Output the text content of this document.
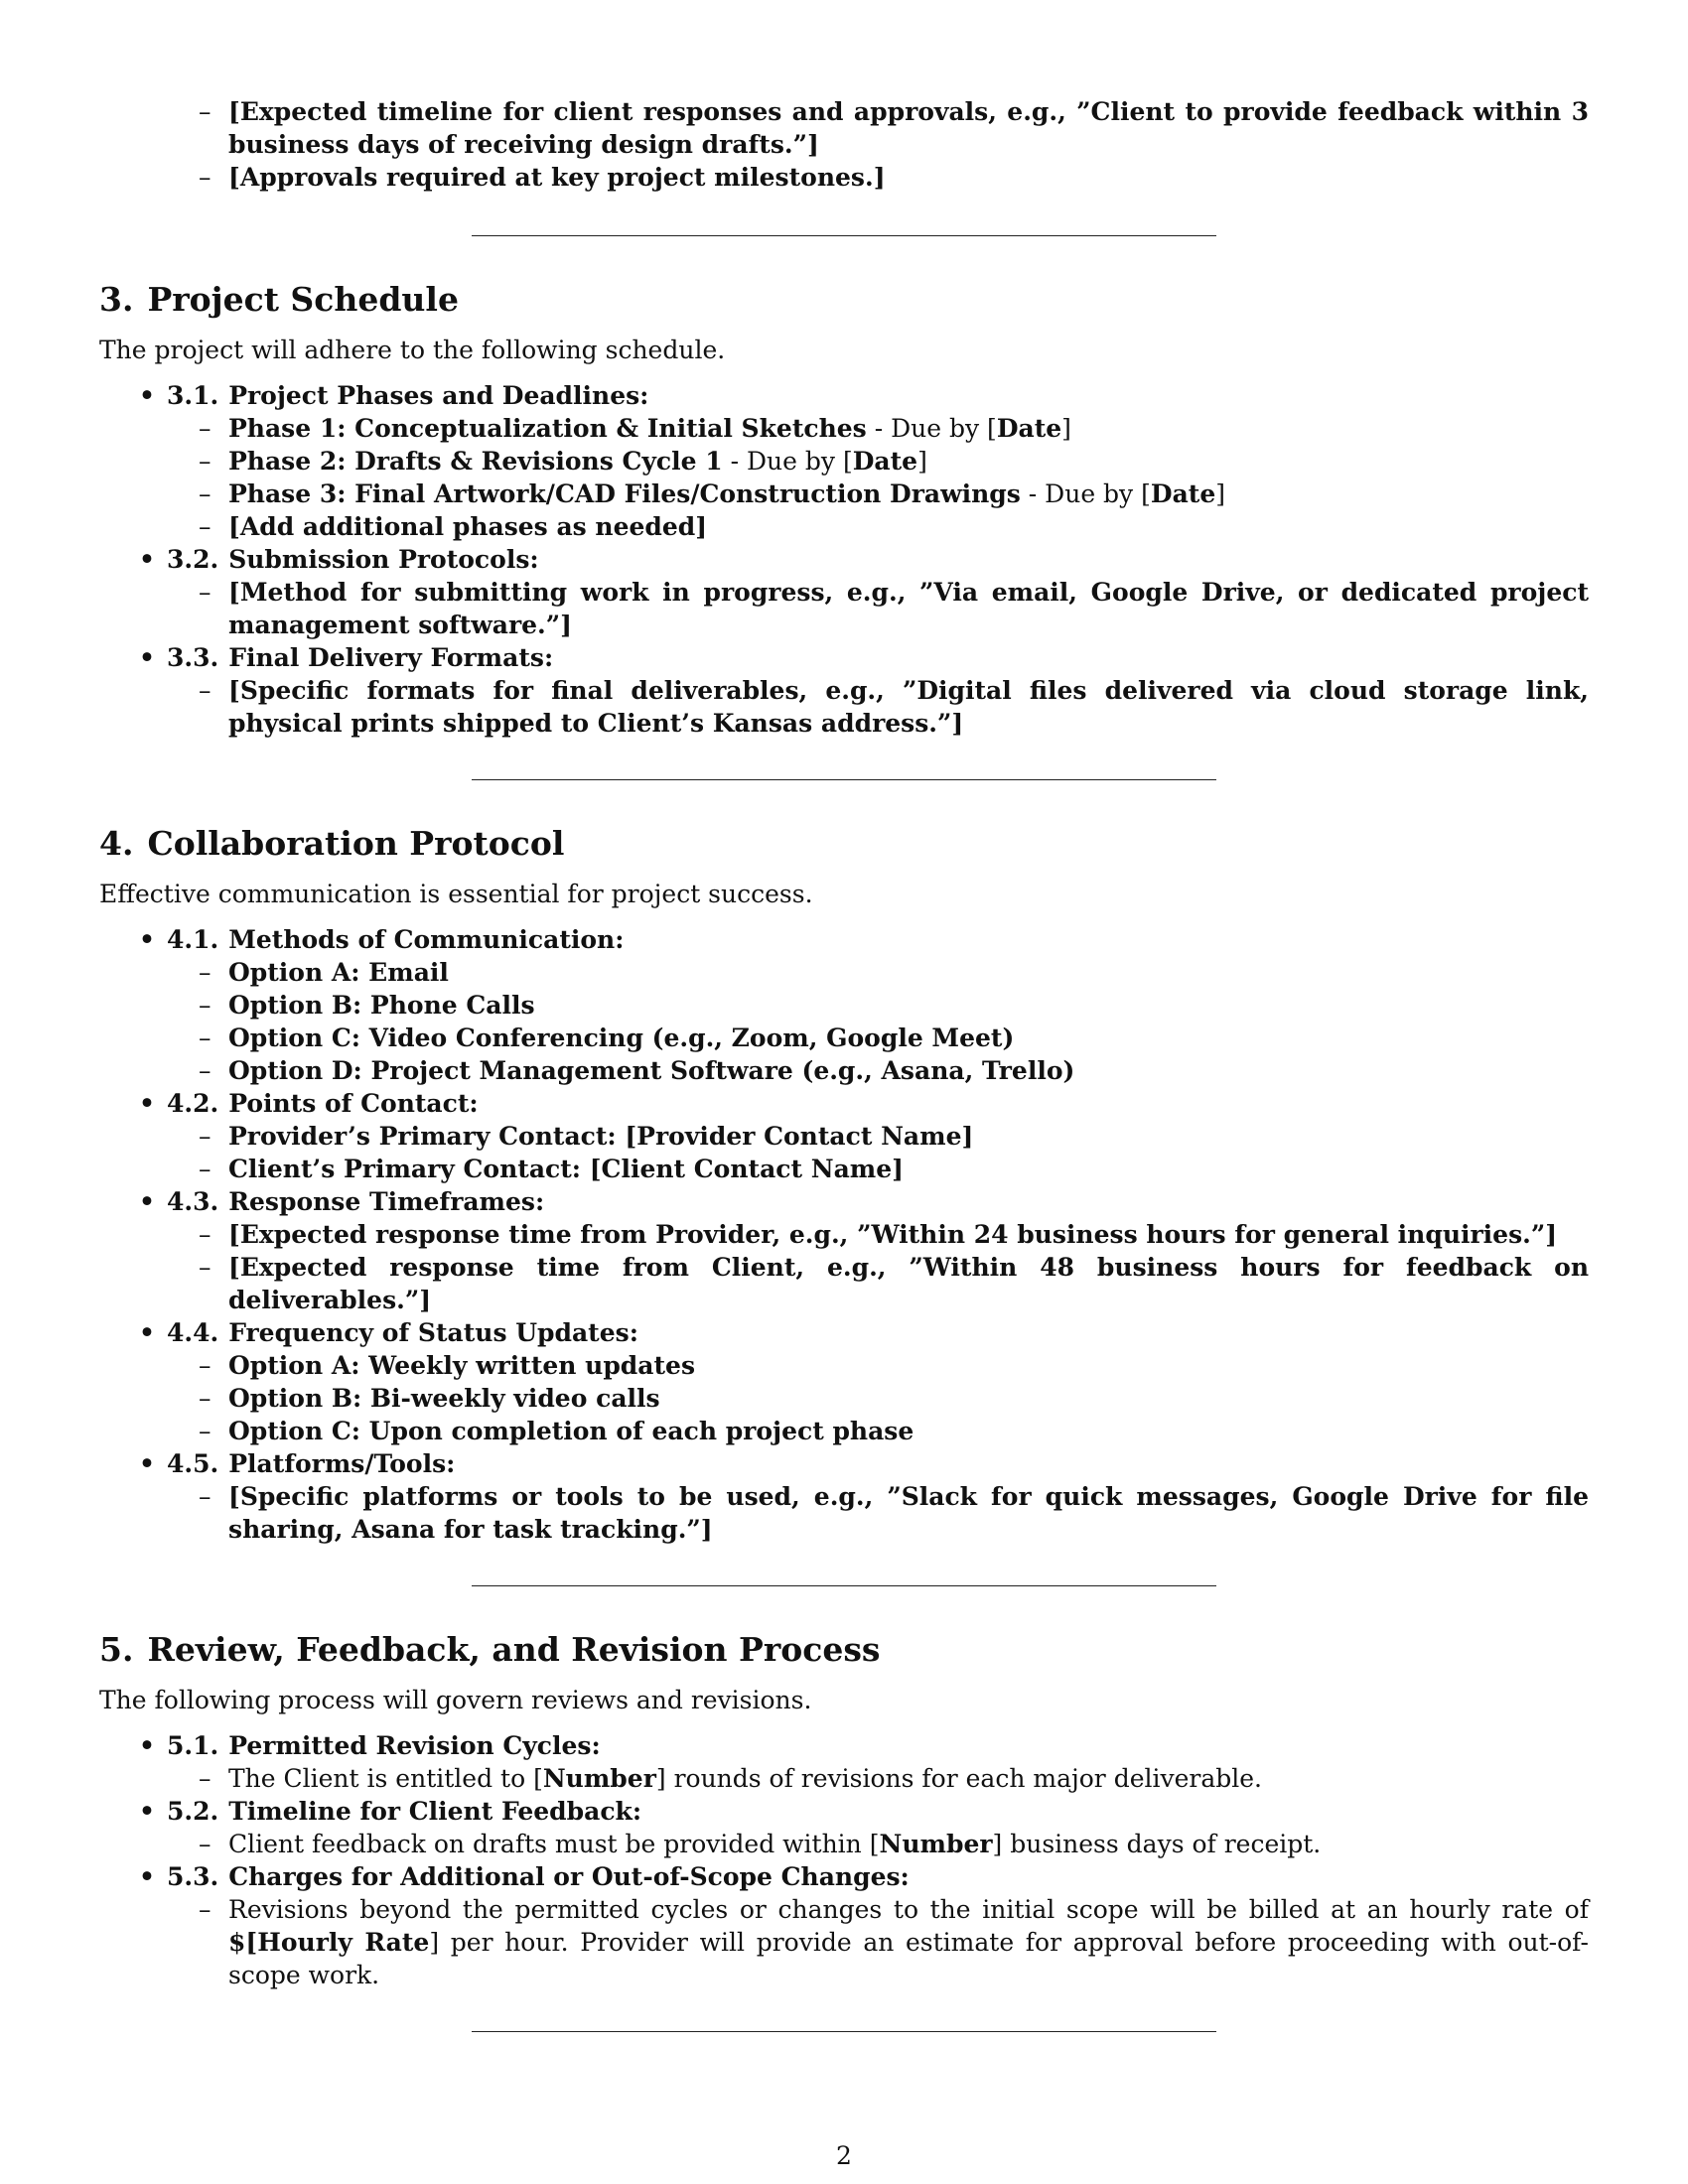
– [Expected timeline for client responses and approvals, e.g., ”Client to provide feedback within 3 business days of receiving design drafts.”]
– [Approvals required at key project milestones.]
3. Project Schedule

The project will adhere to the following schedule.

• 3.1. Project Phases and Deadlines:
– Phase 1: Conceptualization & Initial Sketches - Due by [Date]
– Phase 2: Drafts & Revisions Cycle 1 - Due by [Date]
– Phase 3: Final Artwork/CAD Files/Construction Drawings - Due by [Date]
– [Add additional phases as needed]
• 3.2. Submission Protocols:
– [Method for submitting work in progress, e.g., ”Via email, Google Drive, or dedicated project management software.”]
• 3.3. Final Delivery Formats:
– [Specific formats for final deliverables, e.g., ”Digital files delivered via cloud storage link, physical prints shipped to Client’s Kansas address.”]
4. Collaboration Protocol

Effective communication is essential for project success.

• 4.1. Methods of Communication:
– Option A: Email
– Option B: Phone Calls
– Option C: Video Conferencing (e.g., Zoom, Google Meet)
– Option D: Project Management Software (e.g., Asana, Trello)
• 4.2. Points of Contact:
– Provider’s Primary Contact: [Provider Contact Name]
– Client’s Primary Contact: [Client Contact Name]
• 4.3. Response Timeframes:
– [Expected response time from Provider, e.g., ”Within 24 business hours for general inquiries.”]
– [Expected response time from Client, e.g., ”Within 48 business hours for feedback on deliverables.”]
• 4.4. Frequency of Status Updates:
– Option A: Weekly written updates
– Option B: Bi-weekly video calls
– Option C: Upon completion of each project phase
• 4.5. Platforms/Tools:
– [Specific platforms or tools to be used, e.g., ”Slack for quick messages, Google Drive for file sharing, Asana for task tracking.”]
5. Review, Feedback, and Revision Process

The following process will govern reviews and revisions.

• 5.1. Permitted Revision Cycles:
– The Client is entitled to [Number] rounds of revisions for each major deliverable.
• 5.2. Timeline for Client Feedback:
– Client feedback on drafts must be provided within [Number] business days of receipt.
• 5.3. Charges for Additional or Out-of-Scope Changes:
– Revisions beyond the permitted cycles or changes to the initial scope will be billed at an hourly rate of $[Hourly Rate] per hour. Provider will provide an estimate for approval before proceeding with out-of-scope work.
2
